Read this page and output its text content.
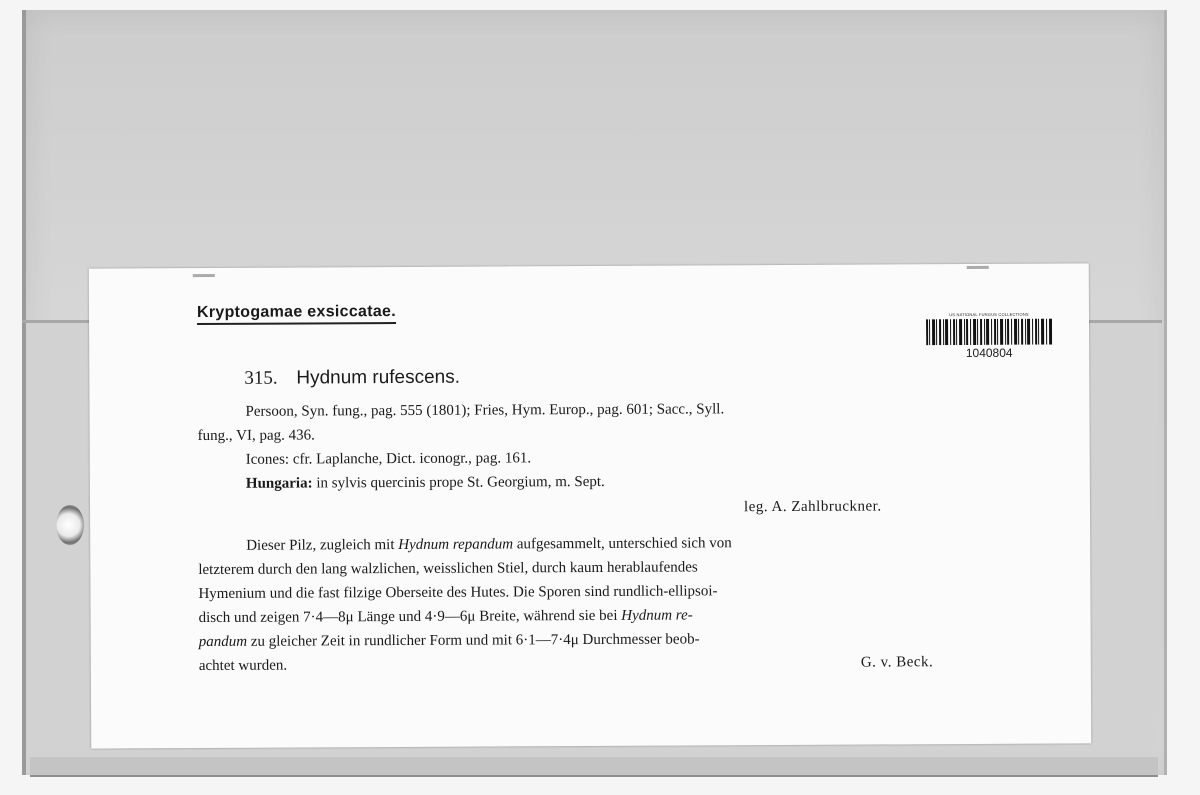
Kryptogamae exsiccatae.	US NATIONAL FUNGUS COLLECTIONS
1040804
315. Hydnum rufescens.
Persoon, Syn. fung., pag. 555 (1801); Fries, Hym. Europ., pag. 601; Sacc., Syll.
fung., VI, pag. 436.
Icones: cfr. Laplanche, Dict. iconogr., pag. 161.
Hungaria: in sylvis quercinis prope St. Georgium, m. Sept.
leg. A. Zahlbruckner.
Dieser Pilz, zugleich mit Hydnum repandum aufgesammelt, unterschied sich von
letzterem durch den lang walzlichen, weisslichen Stiel, durch kaum herablaufendes
Hymenium und die fast filzige Oberseite des Hutes. Die Sporen sind rundlich-ellipsoi-
disch und zeigen 7·4—8μ Länge und 4·9—6μ Breite, während sie bei Hydnum re-
pandum zu gleicher Zeit in rundlicher Form und mit 6·1—7·4μ Durchmesser beob-
achtet wurden.	G. v. Beck.
